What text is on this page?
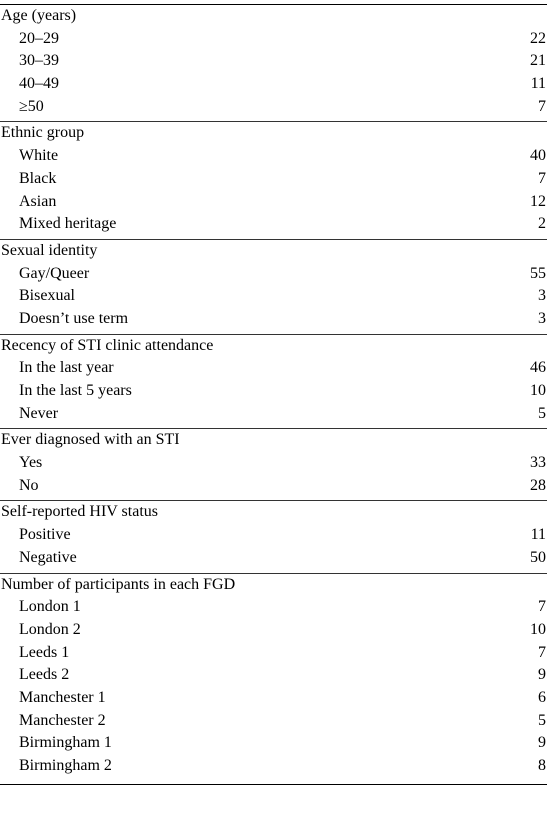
Age (years)
20–29	22
30–39	21
40–49	11
≥50	7
Ethnic group
White	40
Black	7
Asian	12
Mixed heritage	2
Sexual identity
Gay/Queer	55
Bisexual	3
Doesn’t use term	3
Recency of STI clinic attendance
In the last year	46
In the last 5 years	10
Never	5
Ever diagnosed with an STI
Yes	33
No	28
Self-reported HIV status
Positive	11
Negative	50
Number of participants in each FGD
London 1	7
London 2	10
Leeds 1	7
Leeds 2	9
Manchester 1	6
Manchester 2	5
Birmingham 1	9
Birmingham 2	8
